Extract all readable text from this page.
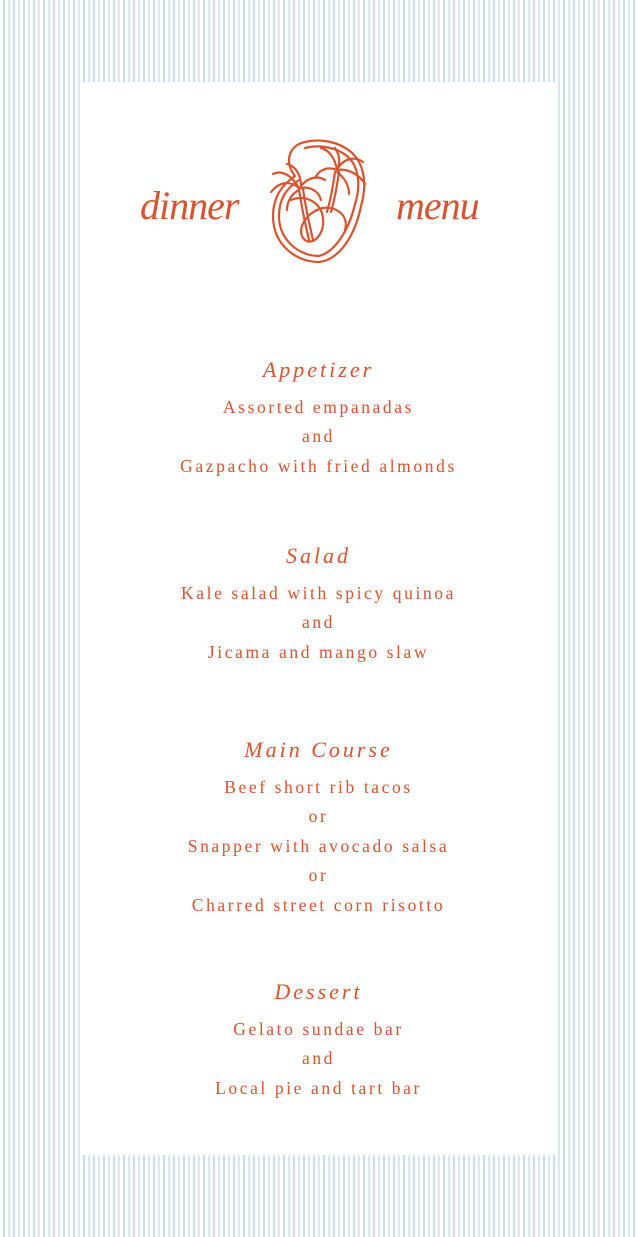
dinner	menu
Appetizer

Assorted empanadas

and

Gazpacho with fried almonds

Salad

Kale salad with spicy quinoa

and

Jicama and mango slaw

Main Course

Beef short rib tacos

or

Snapper with avocado salsa

or

Charred street corn risotto

Dessert

Gelato sundae bar

and

Local pie and tart bar
